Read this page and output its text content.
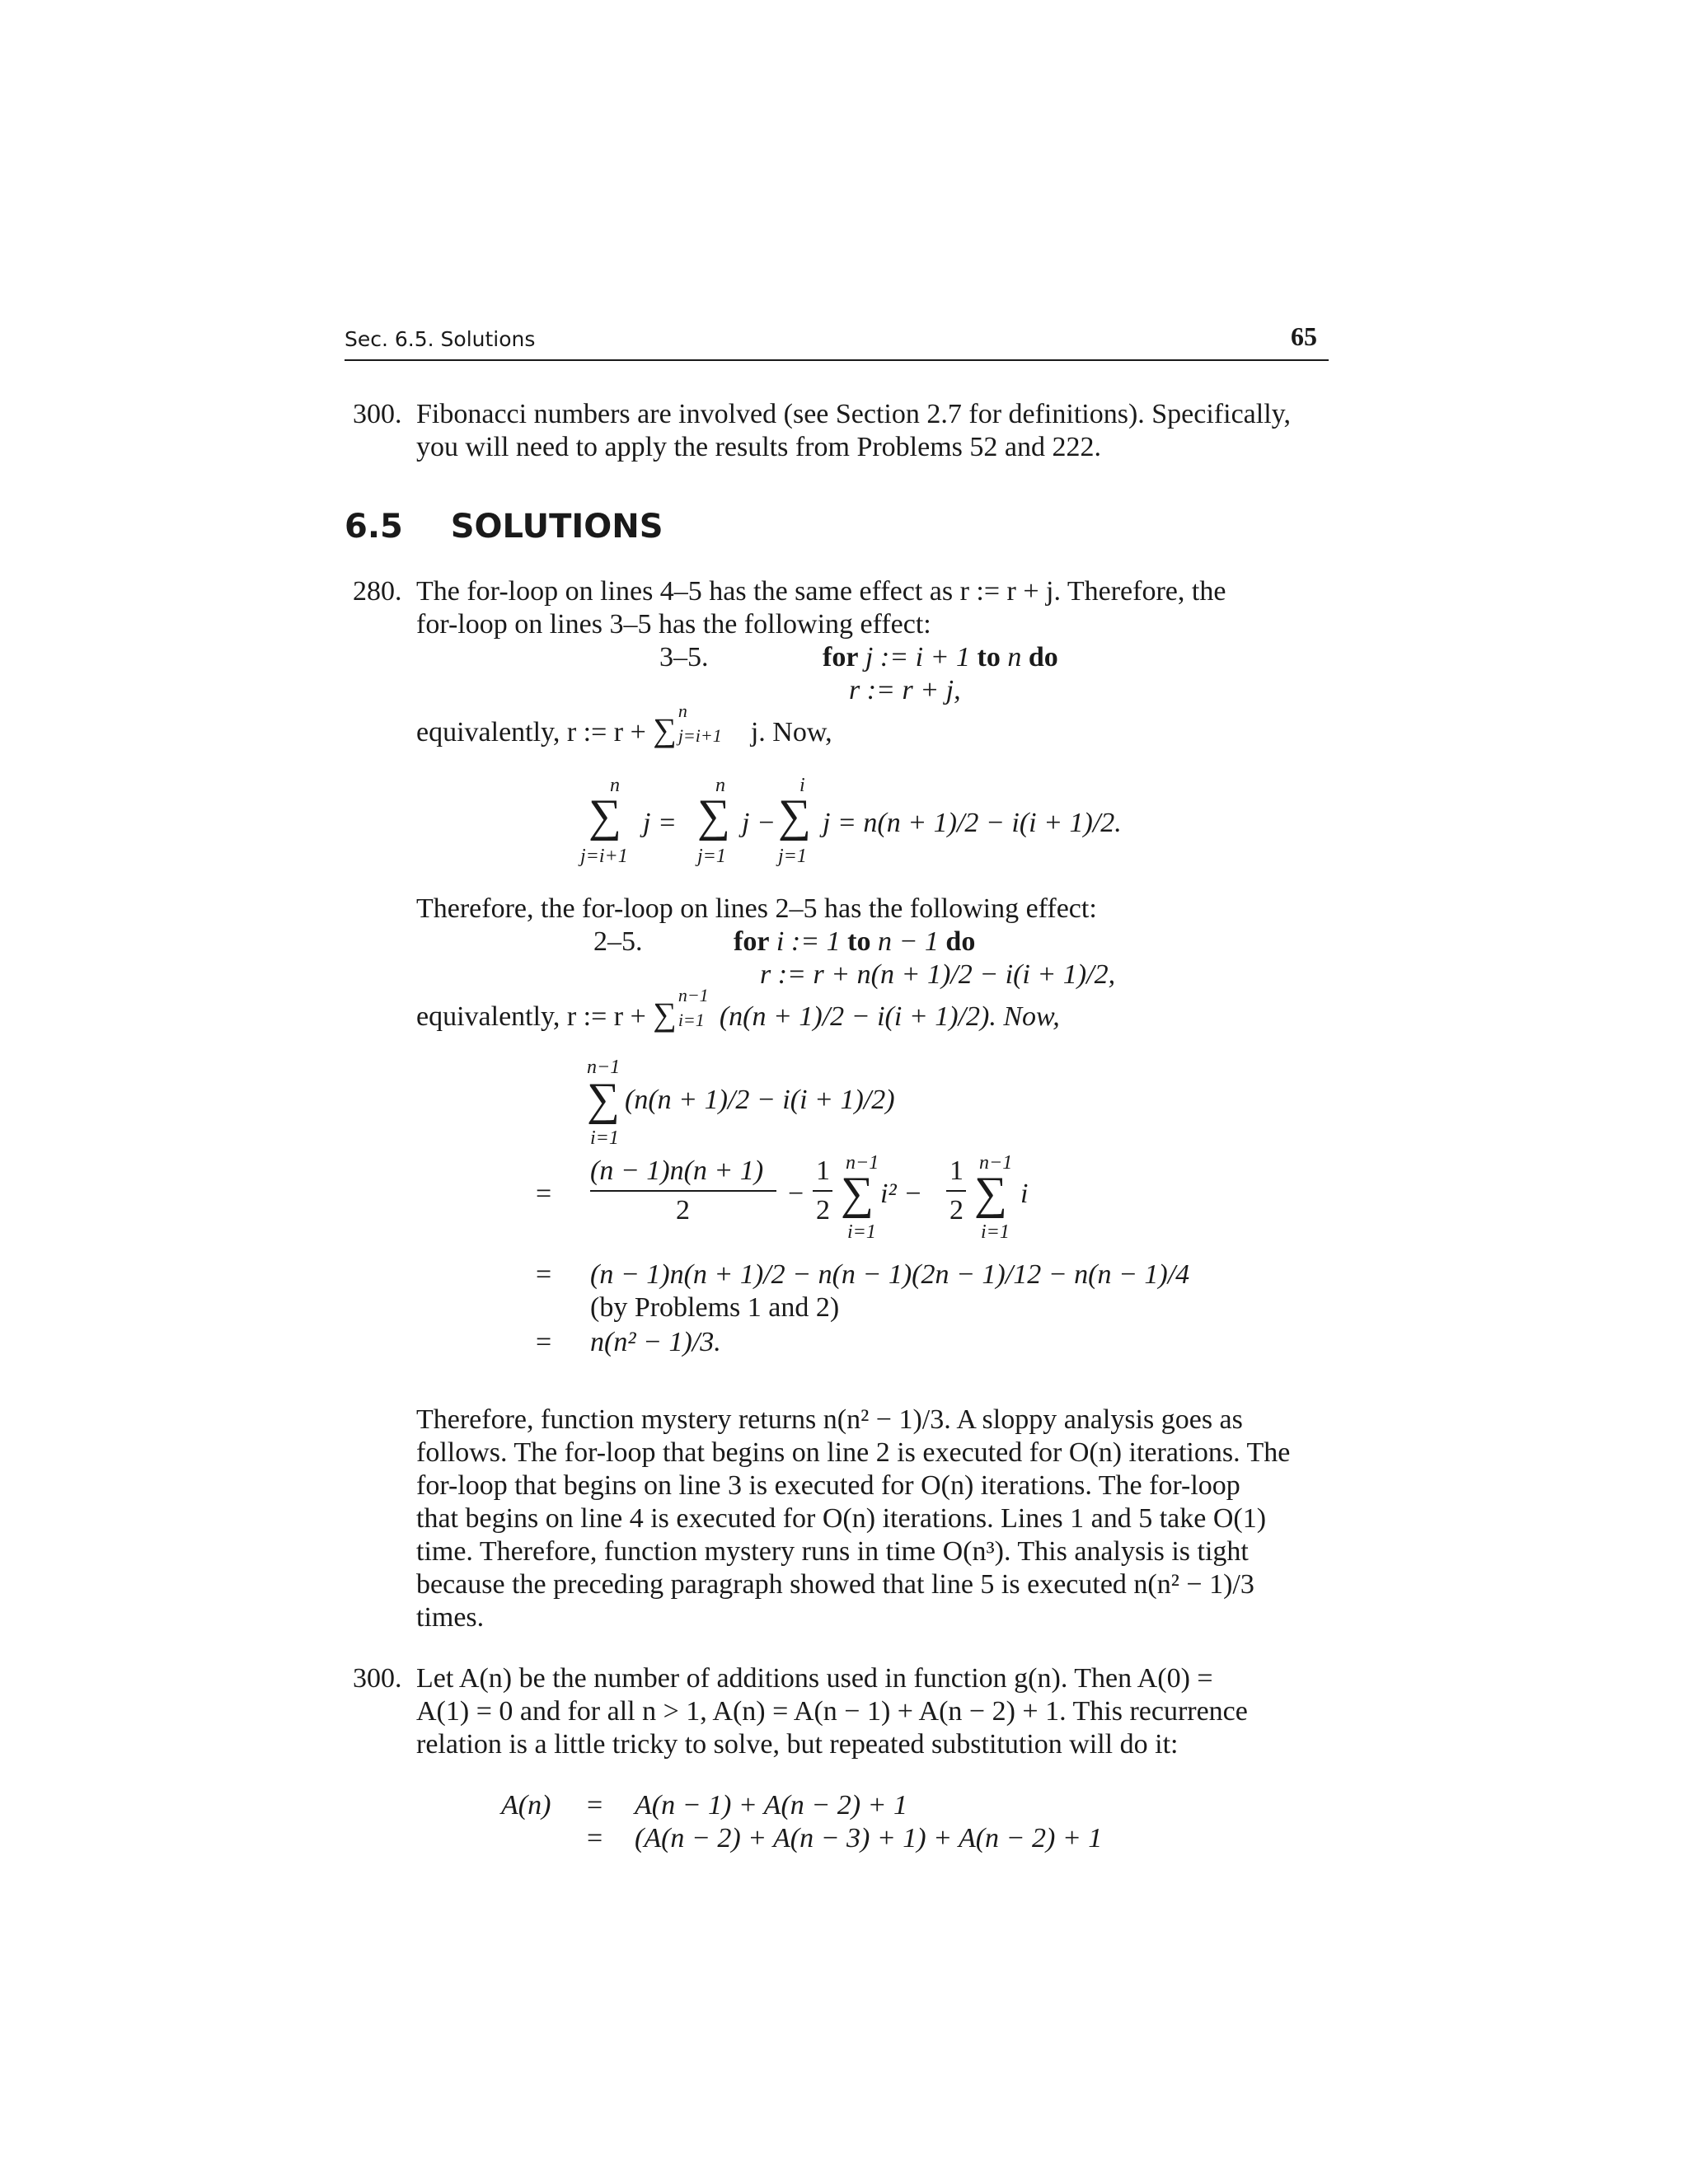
Sec. 6.5. Solutions	65
300. Fibonacci numbers are involved (see Section 2.7 for definitions). Specifically,
you will need to apply the results from Problems 52 and 222.
6.5 SOLUTIONS
280. The for-loop on lines 4–5 has the same effect as r := r + j. Therefore, the
for-loop on lines 3–5 has the following effect:
3–5.	for j := i + 1 to n do
r := r + j,
equivalently, r := r + ∑
n
j=i+1 j. Now,
n
∑
j=i+1
j =
n
∑
j=1
j −
i
∑
j=1
j = n(n + 1)/2 − i(i + 1)/2.
Therefore, the for-loop on lines 2–5 has the following effect:
2–5.	for i := 1 to n − 1 do
r := r + n(n + 1)/2 − i(i + 1)/2,
equivalently, r := r + ∑
n−1
i=1 (n(n + 1)/2 − i(i + 1)/2). Now,
n−1
∑
i=1
(n(n + 1)/2 − i(i + 1)/2)
=
(n − 1)n(n + 1)
2
−
1
2
n−1
∑
i=1
i² −
1
2
n−1
∑
i=1
i
= (n − 1)n(n + 1)/2 − n(n − 1)(2n − 1)/12 − n(n − 1)/4
(by Problems 1 and 2)
= n(n² − 1)/3.
Therefore, function mystery returns n(n² − 1)/3. A sloppy analysis goes as
follows. The for-loop that begins on line 2 is executed for O(n) iterations. The
for-loop that begins on line 3 is executed for O(n) iterations. The for-loop
that begins on line 4 is executed for O(n) iterations. Lines 1 and 5 take O(1)
time. Therefore, function mystery runs in time O(n³). This analysis is tight
because the preceding paragraph showed that line 5 is executed n(n² − 1)/3
times.
300. Let A(n) be the number of additions used in function g(n). Then A(0) =
A(1) = 0 and for all n > 1, A(n) = A(n − 1) + A(n − 2) + 1. This recurrence
relation is a little tricky to solve, but repeated substitution will do it:
A(n) = A(n − 1) + A(n − 2) + 1
= (A(n − 2) + A(n − 3) + 1) + A(n − 2) + 1
